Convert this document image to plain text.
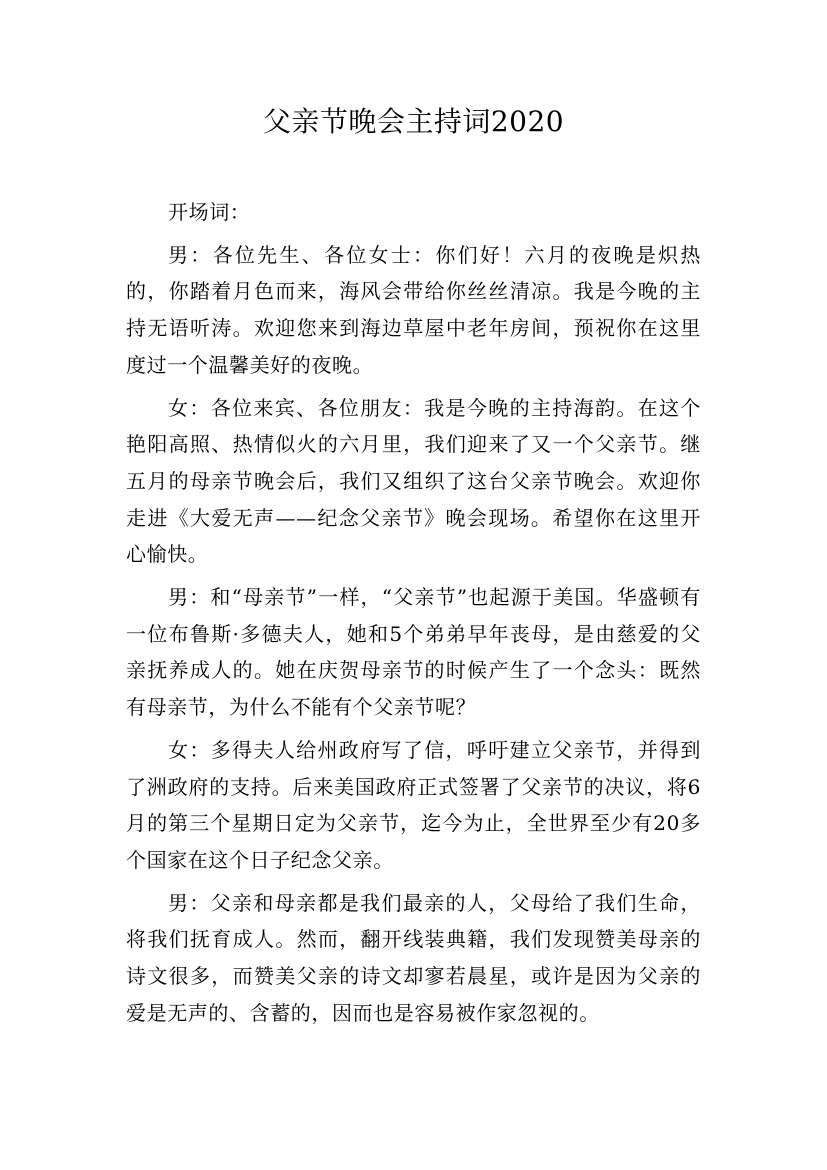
父亲节晚会主持词2020

开场词：

男：各位先生、各位女士：你们好！六月的夜晚是炽热的，你踏着月色而来，海风会带给你丝丝清凉。我是今晚的主持无语听涛。欢迎您来到海边草屋中老年房间，预祝你在这里度过一个温馨美好的夜晚。

女：各位来宾、各位朋友：我是今晚的主持海韵。在这个艳阳高照、热情似火的六月里，我们迎来了又一个父亲节。继五月的母亲节晚会后，我们又组织了这台父亲节晚会。欢迎你走进《大爱无声——纪念父亲节》晚会现场。希望你在这里开心愉快。

男：和“母亲节”一样，“父亲节”也起源于美国。华盛顿有一位布鲁斯·多德夫人，她和5个弟弟早年丧母，是由慈爱的父亲抚养成人的。她在庆贺母亲节的时候产生了一个念头：既然有母亲节，为什么不能有个父亲节呢？

女：多得夫人给州政府写了信，呼吁建立父亲节，并得到了洲政府的支持。后来美国政府正式签署了父亲节的决议，将6月的第三个星期日定为父亲节，迄今为止，全世界至少有20多个国家在这个日子纪念父亲。

男：父亲和母亲都是我们最亲的人，父母给了我们生命，将我们抚育成人。然而，翻开线装典籍，我们发现赞美母亲的诗文很多，而赞美父亲的诗文却寥若晨星，或许是因为父亲的爱是无声的、含蓄的，因而也是容易被作家忽视的。
